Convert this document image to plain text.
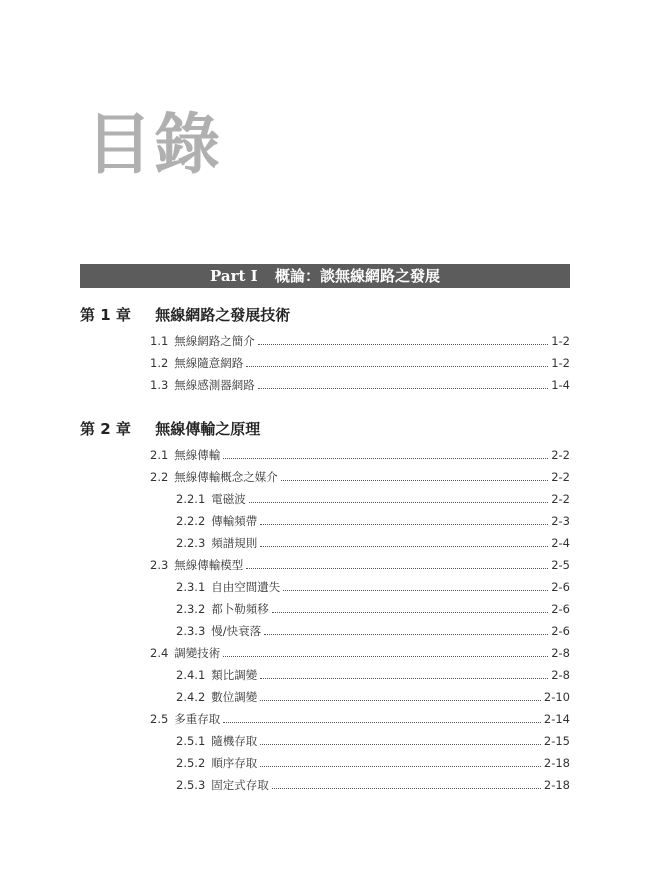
目錄
Part I 概論：談無線網路之發展
第 1 章 無線網路之發展技術
1.1 無線網路之簡介	1-2
1.2 無線隨意網路	1-2
1.3 無線感測器網路	1-4
第 2 章 無線傳輸之原理
2.1 無線傳輸	2-2
2.2 無線傳輸概念之媒介	2-2
2.2.1 電磁波	2-2
2.2.2 傳輸頻帶	2-3
2.2.3 頻譜規則	2-4
2.3 無線傳輸模型	2-5
2.3.1 自由空間遺失	2-6
2.3.2 都卜勒頻移	2-6
2.3.3 慢/快衰落	2-6
2.4 調變技術	2-8
2.4.1 類比調變	2-8
2.4.2 數位調變	2-10
2.5 多重存取	2-14
2.5.1 隨機存取	2-15
2.5.2 順序存取	2-18
2.5.3 固定式存取	2-18
